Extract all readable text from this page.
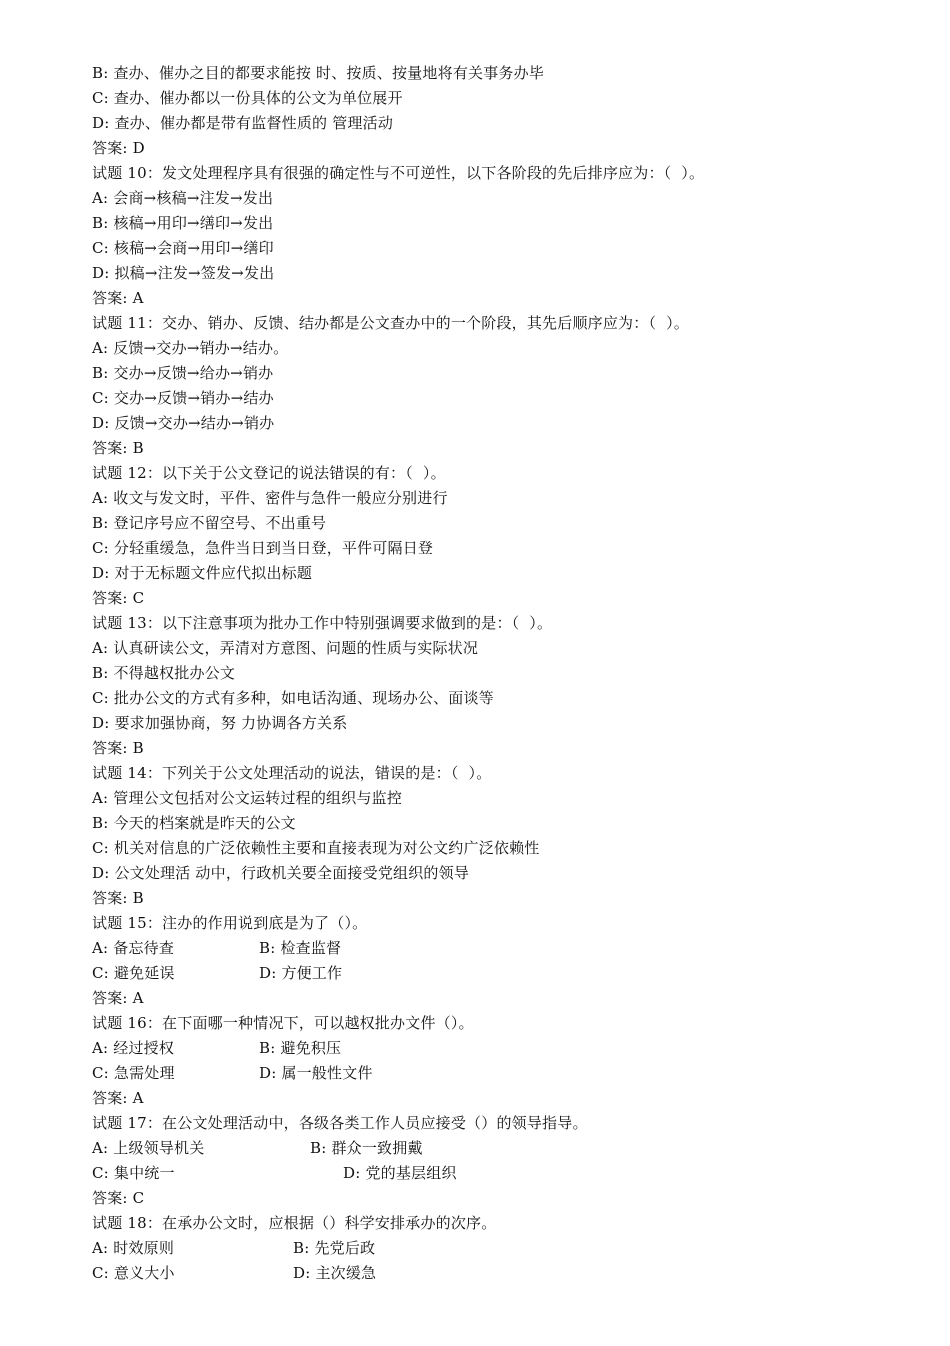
B: 查办、催办之目的都要求能按 时、按质、按量地将有关事务办毕
C: 查办、催办都以一份具体的公文为单位展开
D: 查办、催办都是带有监督性质的 管理活动
答案: D
试题 10：发文处理程序具有很强的确定性与不可逆性，以下各阶段的先后排序应为：（  ）。
A: 会商→核稿→注发→发出
B: 核稿→用印→缮印→发出
C: 核稿→会商→用印→缮印
D: 拟稿→注发→签发→发出
答案: A
试题 11：交办、销办、反馈、结办都是公文查办中的一个阶段，其先后顺序应为：（  ）。
A: 反馈→交办→销办→结办。
B: 交办→反馈→给办→销办
C: 交办→反馈→销办→结办
D: 反馈→交办→结办→销办
答案: B
试题 12：以下关于公文登记的说法错误的有：（  ）。
A: 收文与发文时，平件、密件与急件一般应分别进行
B: 登记序号应不留空号、不出重号
C: 分轻重缓急，急件当日到当日登，平件可隔日登
D: 对于无标题文件应代拟出标题
答案: C
试题 13：以下注意事项为批办工作中特别强调要求做到的是：（  ）。
A: 认真研读公文，弄清对方意图、问题的性质与实际状况
B: 不得越权批办公文
C: 批办公文的方式有多种，如电话沟通、现场办公、面谈等
D: 要求加强协商，努 力协调各方关系
答案: B
试题 14：下列关于公文处理活动的说法，错误的是：（  ）。
A: 管理公文包括对公文运转过程的组织与监控
B: 今天的档案就是昨天的公文
C: 机关对信息的广泛依赖性主要和直接表现为对公文约广泛依赖性
D: 公文处理活 动中，行政机关要全面接受党组织的领导
答案: B
试题 15：注办的作用说到底是为了（）。
A: 备忘待查	B: 检查监督
C: 避免延误	D: 方便工作
答案: A
试题 16：在下面哪一种情况下，可以越权批办文件（）。
A: 经过授权	B: 避免积压
C: 急需处理	D: 属一般性文件
答案: A
试题 17：在公文处理活动中，各级各类工作人员应接受（）的领导指导。
A: 上级领导机关	B: 群众一致拥戴
C: 集中统一	D: 党的基层组织
答案: C
试题 18：在承办公文时，应根据（）科学安排承办的次序。
A: 时效原则	B: 先党后政
C: 意义大小	D: 主次缓急
